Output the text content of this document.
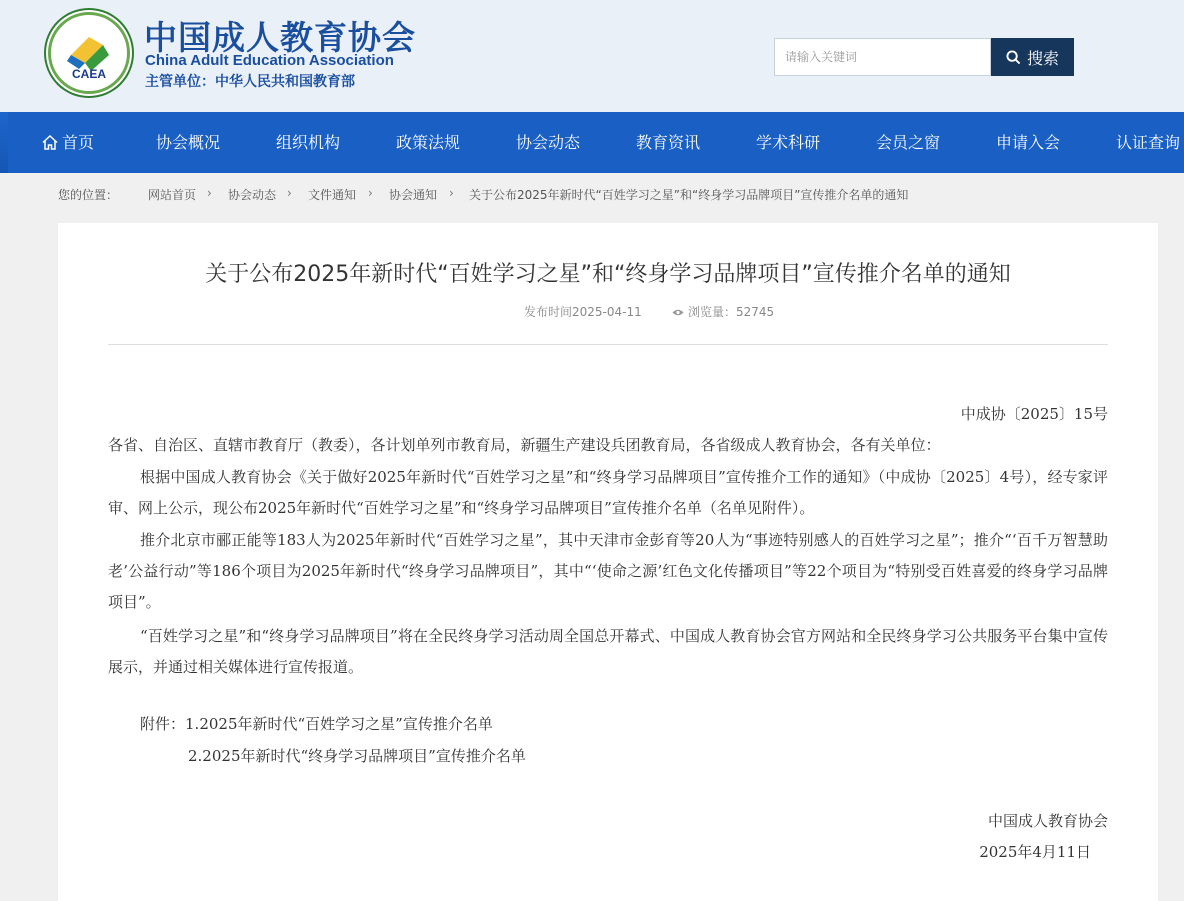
CAEA
中国成人教育协会
China Adult Education Association
主管单位：中华人民共和国教育部
请输入关键词
搜索
首页	协会概况	组织机构	政策法规	协会动态	教育资讯	学术科研	会员之窗	申请入会	认证查询
您的位置： 网站首页 › 协会动态 › 文件通知 › 协会通知 › 关于公布2025年新时代“百姓学习之星”和“终身学习品牌项目”宣传推介名单的通知
关于公布2025年新时代“百姓学习之星”和“终身学习品牌项目”宣传推介名单的通知
发布时间2025-04-11	浏览量：52745
中成协〔2025〕15号
各省、自治区、直辖市教育厅（教委），各计划单列市教育局，新疆生产建设兵团教育局，各省级成人教育协会，各有关单位：
根据中国成人教育协会《关于做好2025年新时代“百姓学习之星”和“终身学习品牌项目”宣传推介工作的通知》（中成协〔2025〕4号），经专家评审、网上公示，现公布2025年新时代“百姓学习之星”和“终身学习品牌项目”宣传推介名单（名单见附件）。
推介北京市郦正能等183人为2025年新时代“百姓学习之星”，其中天津市金彭育等20人为“事迹特别感人的百姓学习之星”；推介“‘百千万智慧助老’公益行动”等186个项目为2025年新时代“终身学习品牌项目”，其中“‘使命之源’红色文化传播项目”等22个项目为“特别受百姓喜爱的终身学习品牌项目”。
“百姓学习之星”和“终身学习品牌项目”将在全民终身学习活动周全国总开幕式、中国成人教育协会官方网站和全民终身学习公共服务平台集中宣传展示，并通过相关媒体进行宣传报道。
附件：1.2025年新时代“百姓学习之星”宣传推介名单
2.2025年新时代“终身学习品牌项目”宣传推介名单
中国成人教育协会
2025年4月11日
